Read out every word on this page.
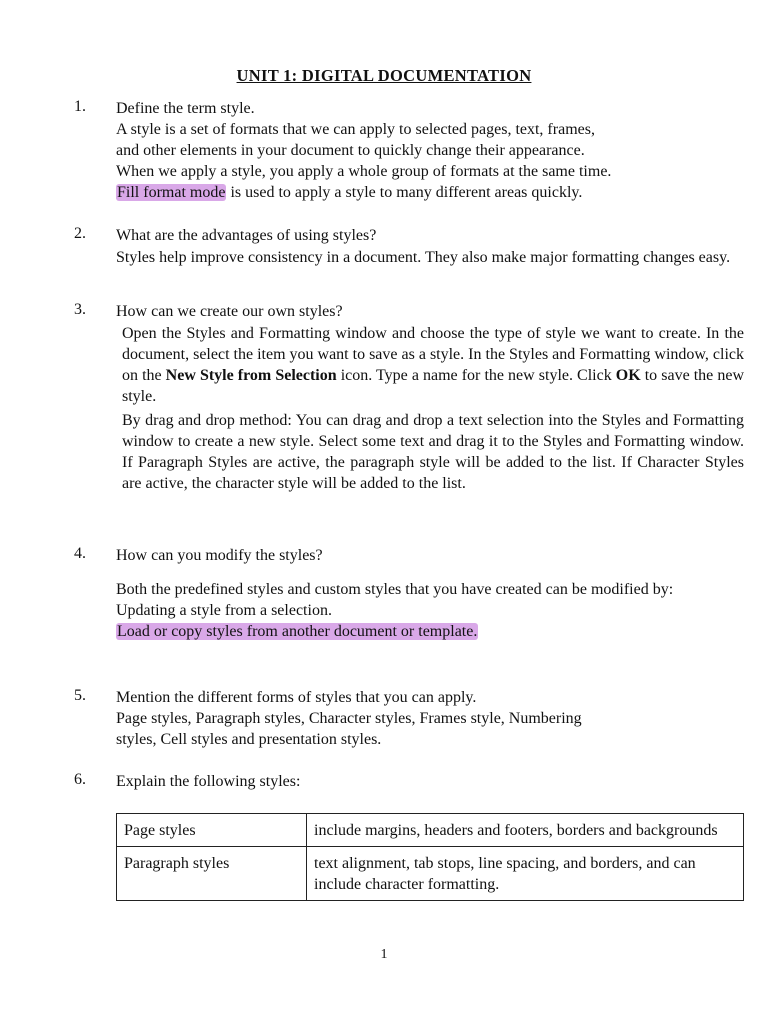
UNIT 1: DIGITAL DOCUMENTATION
1. Define the term style.
A style is a set of formats that we can apply to selected pages, text, frames,
and other elements in your document to quickly change their appearance.
When we apply a style, you apply a whole group of formats at the same time.
Fill format mode is used to apply a style to many different areas quickly.
2. What are the advantages of using styles?
Styles help improve consistency in a document. They also make major formatting changes easy.
3. How can we create our own styles?
Open the Styles and Formatting window and choose the type of style we want to create. In the document, select the item you want to save as a style. In the Styles and Formatting window, click on the New Style from Selection icon. Type a name for the new style. Click OK to save the new style.
By drag and drop method: You can drag and drop a text selection into the Styles and Formatting window to create a new style. Select some text and drag it to the Styles and Formatting window. If Paragraph Styles are active, the paragraph style will be added to the list. If Character Styles are active, the character style will be added to the list.
4. How can you modify the styles?
Both the predefined styles and custom styles that you have created can be modified by:
Updating a style from a selection.
Load or copy styles from another document or template.
5. Mention the different forms of styles that you can apply.
Page styles, Paragraph styles, Character styles, Frames style, Numbering
styles, Cell styles and presentation styles.
6. Explain the following styles:
Page styles	include margins, headers and footers, borders and backgrounds
Paragraph styles	text alignment, tab stops, line spacing, and borders, and can include character formatting.
1
